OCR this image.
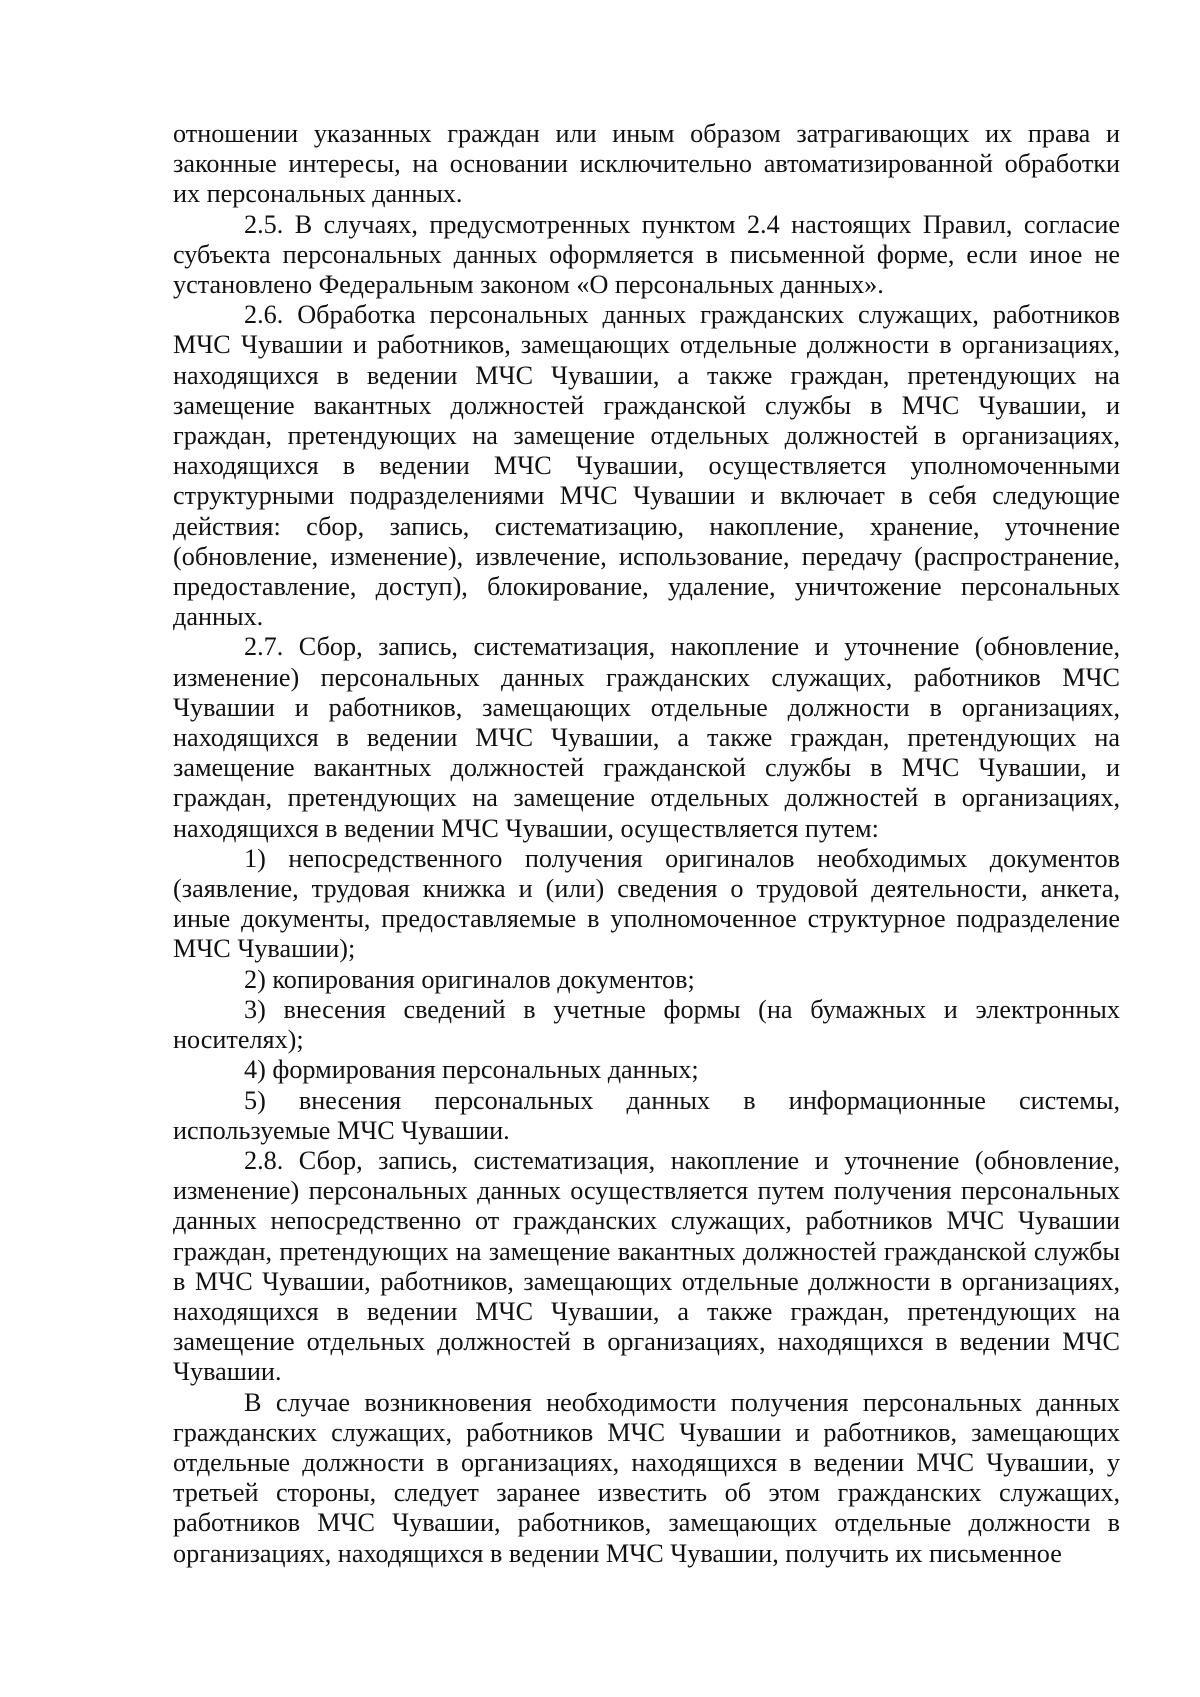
отношении указанных граждан или иным образом затрагивающих их права и законные интересы, на основании исключительно автоматизированной обработки их персональных данных.

2.5. В случаях, предусмотренных пунктом 2.4 настоящих Правил, согласие субъекта персональных данных оформляется в письменной форме, если иное не установлено Федеральным законом «О персональных данных».

2.6. Обработка персональных данных гражданских служащих, работников МЧС Чувашии и работников, замещающих отдельные должности в организациях, находящихся в ведении МЧС Чувашии, а также граждан, претендующих на замещение вакантных должностей гражданской службы в МЧС Чувашии, и граждан, претендующих на замещение отдельных должностей в организациях, находящихся в ведении МЧС Чувашии, осуществляется уполномоченными структурными подразделениями МЧС Чувашии и включает в себя следующие действия: сбор, запись, систематизацию, накопление, хранение, уточнение (обновление, изменение), извлечение, использование, передачу (распространение, предоставление, доступ), блокирование, удаление, уничтожение персональных данных.

2.7. Сбор, запись, систематизация, накопление и уточнение (обновление, изменение) персональных данных гражданских служащих, работников МЧС Чувашии и работников, замещающих отдельные должности в организациях, находящихся в ведении МЧС Чувашии, а также граждан, претендующих на замещение вакантных должностей гражданской службы в МЧС Чувашии, и граждан, претендующих на замещение отдельных должностей в организациях, находящихся в ведении МЧС Чувашии, осуществляется путем:

1) непосредственного получения оригиналов необходимых документов (заявление, трудовая книжка и (или) сведения о трудовой деятельности, анкета, иные документы, предоставляемые в уполномоченное структурное подразделение МЧС Чувашии);

2) копирования оригиналов документов;

3) внесения сведений в учетные формы (на бумажных и электронных носителях);

4) формирования персональных данных;

5) внесения персональных данных в информационные системы, используемые МЧС Чувашии.

2.8. Сбор, запись, систематизация, накопление и уточнение (обновление, изменение) персональных данных осуществляется путем получения персональных данных непосредственно от гражданских служащих, работников МЧС Чувашии граждан, претендующих на замещение вакантных должностей гражданской службы в МЧС Чувашии, работников, замещающих отдельные должности в организациях, находящихся в ведении МЧС Чувашии, а также граждан, претендующих на замещение отдельных должностей в организациях, находящихся в ведении МЧС Чувашии.

В случае возникновения необходимости получения персональных данных гражданских служащих, работников МЧС Чувашии и работников, замещающих отдельные должности в организациях, находящихся в ведении МЧС Чувашии, у третьей стороны, следует заранее известить об этом гражданских служащих, работников МЧС Чувашии, работников, замещающих отдельные должности в организациях, находящихся в ведении МЧС Чувашии, получить их письменное
